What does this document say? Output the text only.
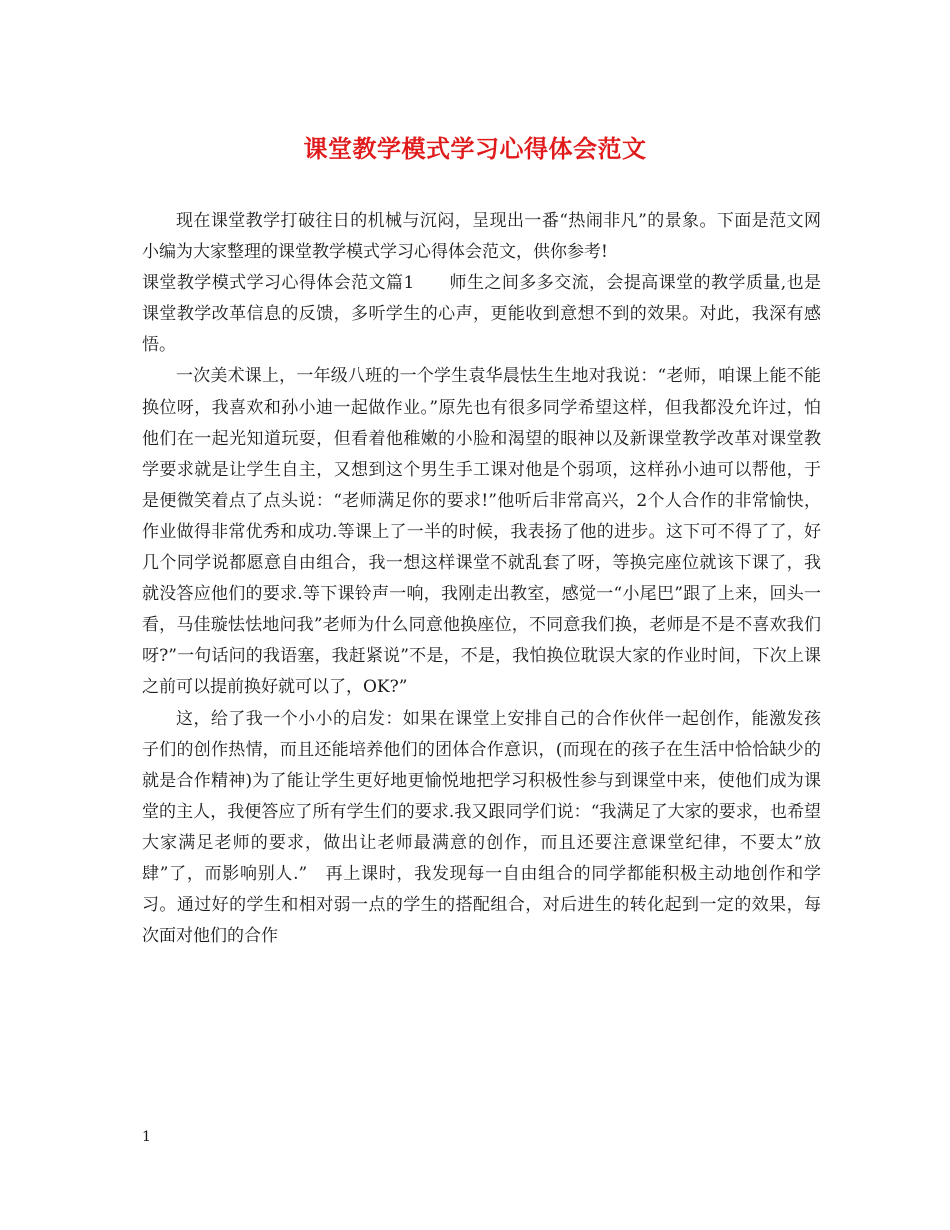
课堂教学模式学习心得体会范文

现在课堂教学打破往日的机械与沉闷，呈现出一番“热闹非凡”的景象。下面是范文网小编为大家整理的课堂教学模式学习心得体会范文，供你参考!

课堂教学模式学习心得体会范文篇1　　师生之间多多交流，会提高课堂的教学质量,也是课堂教学改革信息的反馈，多听学生的心声，更能收到意想不到的效果。对此，我深有感悟。

一次美术课上，一年级八班的一个学生袁华晨怯生生地对我说：“老师，咱课上能不能换位呀，我喜欢和孙小迪一起做作业。”原先也有很多同学希望这样，但我都没允许过，怕他们在一起光知道玩耍，但看着他稚嫩的小脸和渴望的眼神以及新课堂教学改革对课堂教学要求就是让学生自主，又想到这个男生手工课对他是个弱项，这样孙小迪可以帮他，于是便微笑着点了点头说：“老师满足你的要求!”他听后非常高兴，2个人合作的非常愉快，作业做得非常优秀和成功.等课上了一半的时候，我表扬了他的进步。这下可不得了了，好几个同学说都愿意自由组合，我一想这样课堂不就乱套了呀，等换完座位就该下课了，我就没答应他们的要求.等下课铃声一响，我刚走出教室，感觉一“小尾巴”跟了上来，回头一看，马佳璇怯怯地问我”老师为什么同意他换座位，不同意我们换，老师是不是不喜欢我们呀?”一句话问的我语塞，我赶紧说”不是，不是，我怕换位耽误大家的作业时间，下次上课之前可以提前换好就可以了，OK?”

这，给了我一个小小的启发：如果在课堂上安排自己的合作伙伴一起创作，能激发孩子们的创作热情，而且还能培养他们的团体合作意识，(而现在的孩子在生活中恰恰缺少的就是合作精神)为了能让学生更好地更愉悦地把学习积极性参与到课堂中来，使他们成为课堂的主人，我便答应了所有学生们的要求.我又跟同学们说：“我满足了大家的要求，也希望大家满足老师的要求，做出让老师最满意的创作，而且还要注意课堂纪律，不要太”放肆”了，而影响别人.”　再上课时，我发现每一自由组合的同学都能积极主动地创作和学习。通过好的学生和相对弱一点的学生的搭配组合，对后进生的转化起到一定的效果，每次面对他们的合作

1
